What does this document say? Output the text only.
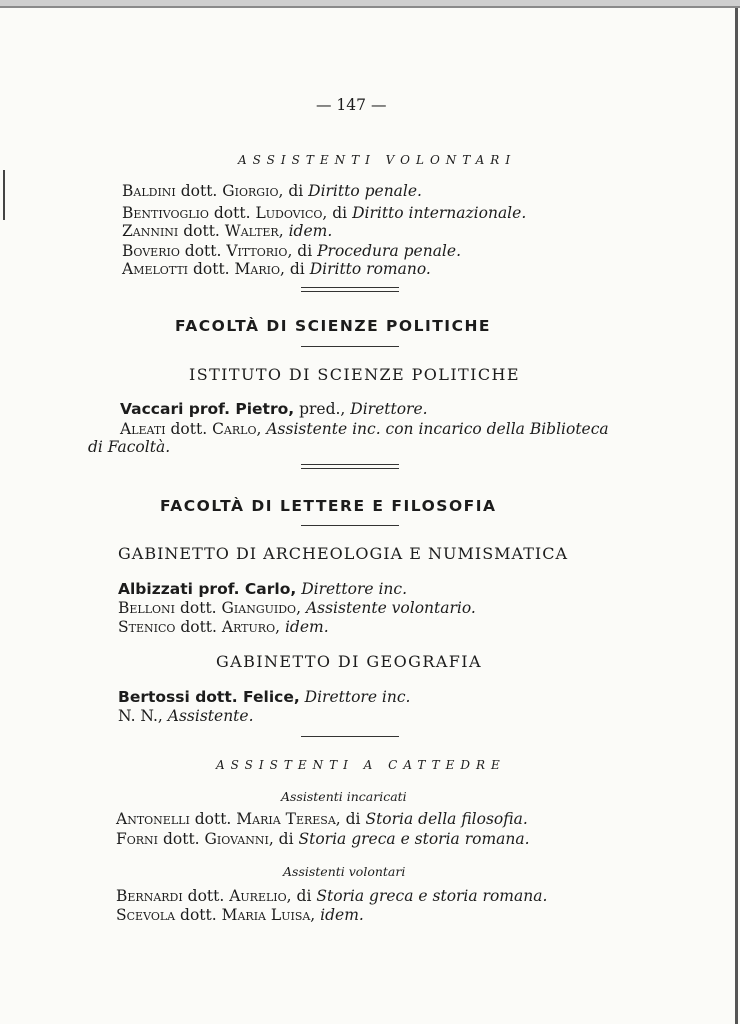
— 147 —
ASSISTENTI VOLONTARI
Baldini dott. Giorgio, di Diritto penale.
Bentivoglio dott. Ludovico, di Diritto internazionale.
Zannini dott. Walter, idem.
Boverio dott. Vittorio, di Procedura penale.
Amelotti dott. Mario, di Diritto romano.
FACOLTÀ DI SCIENZE POLITICHE
ISTITUTO DI SCIENZE POLITICHE
Vaccari prof. Pietro, pred., Direttore.
Aleati dott. Carlo, Assistente inc. con incarico della Biblioteca
di Facoltà.
FACOLTÀ DI LETTERE E FILOSOFIA
GABINETTO DI ARCHEOLOGIA E NUMISMATICA
Albizzati prof. Carlo, Direttore inc.
Belloni dott. Gianguido, Assistente volontario.
Stenico dott. Arturo, idem.
GABINETTO DI GEOGRAFIA
Bertossi dott. Felice, Direttore inc.
N. N., Assistente.
ASSISTENTI A CATTEDRE
Assistenti incaricati
Antonelli dott. Maria Teresa, di Storia della filosofia.
Forni dott. Giovanni, di Storia greca e storia romana.
Assistenti volontari
Bernardi dott. Aurelio, di Storia greca e storia romana.
Scevola dott. Maria Luisa, idem.
